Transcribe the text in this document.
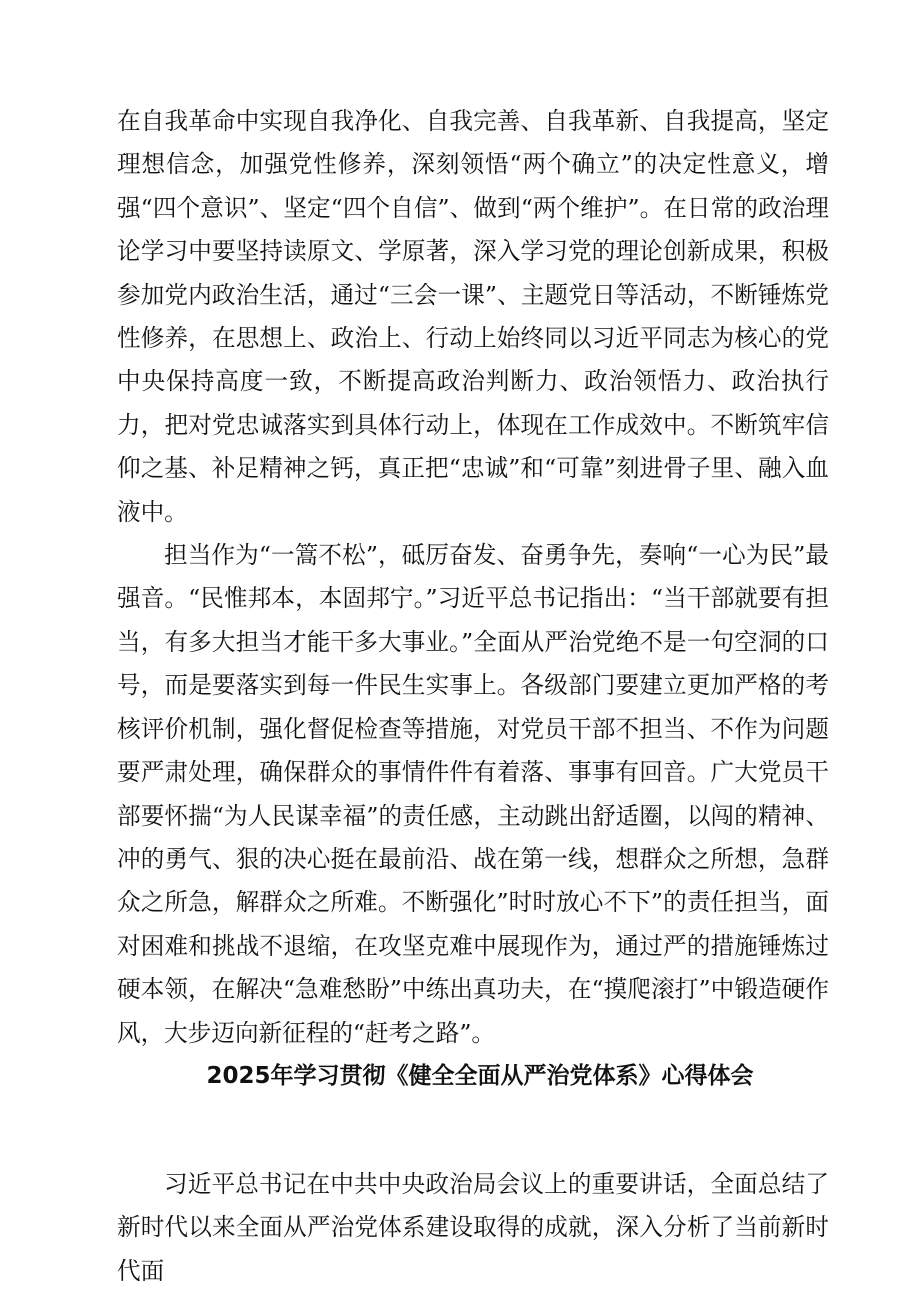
在自我革命中实现自我净化、自我完善、自我革新、自我提高，坚定理想信念，加强党性修养，深刻领悟“两个确立”的决定性意义，增强“四个意识”、坚定“四个自信”、做到“两个维护”。在日常的政治理论学习中要坚持读原文、学原著，深入学习党的理论创新成果，积极参加党内政治生活，通过“三会一课”、主题党日等活动，不断锤炼党性修养，在思想上、政治上、行动上始终同以习近平同志为核心的党中央保持高度一致，不断提高政治判断力、政治领悟力、政治执行力，把对党忠诚落实到具体行动上，体现在工作成效中。不断筑牢信仰之基、补足精神之钙，真正把“忠诚”和“可靠”刻进骨子里、融入血液中。

担当作为“一篙不松”，砥厉奋发、奋勇争先，奏响“一心为民”最强音。“民惟邦本，本固邦宁。”习近平总书记指出：“当干部就要有担当，有多大担当才能干多大事业。”全面从严治党绝不是一句空洞的口号，而是要落实到每一件民生实事上。各级部门要建立更加严格的考核评价机制，强化督促检查等措施，对党员干部不担当、不作为问题要严肃处理，确保群众的事情件件有着落、事事有回音。广大党员干部要怀揣“为人民谋幸福”的责任感，主动跳出舒适圈，以闯的精神、冲的勇气、狠的决心挺在最前沿、战在第一线，想群众之所想，急群众之所急，解群众之所难。不断强化”时时放心不下”的责任担当，面对困难和挑战不退缩，在攻坚克难中展现作为，通过严的措施锤炼过硬本领，在解决“急难愁盼”中练出真功夫，在“摸爬滚打”中锻造硬作风，大步迈向新征程的“赶考之路”。

2025年学习贯彻《健全全面从严治党体系》心得体会

习近平总书记在中共中央政治局会议上的重要讲话，全面总结了新时代以来全面从严治党体系建设取得的成就，深入分析了当前新时代面
